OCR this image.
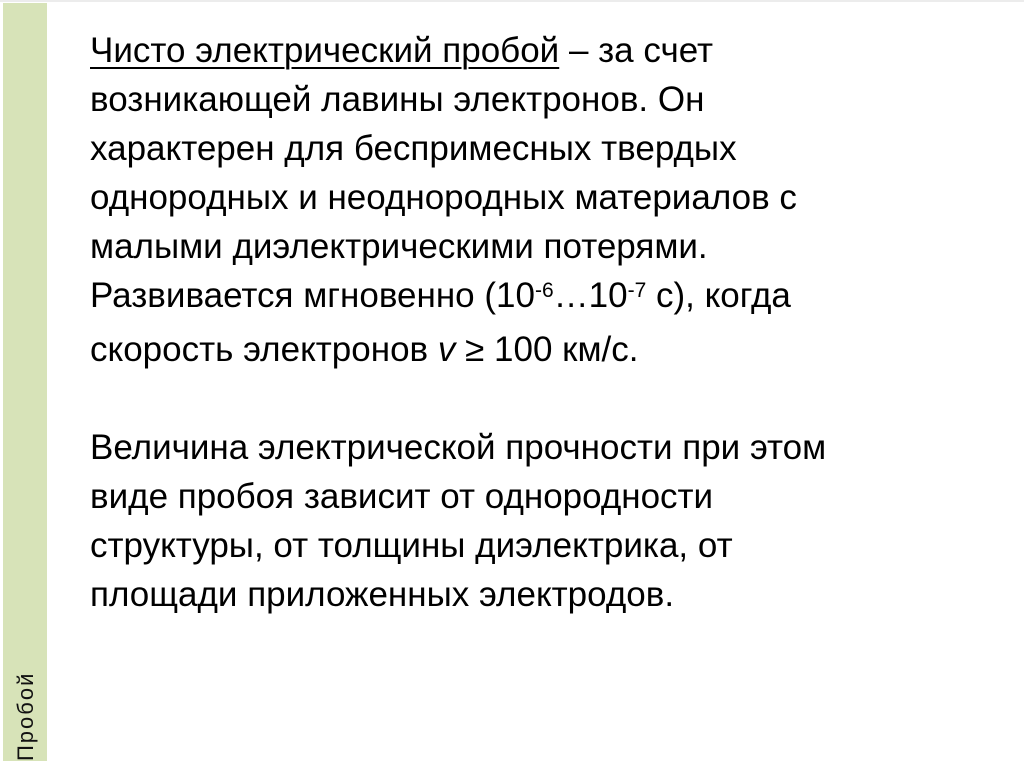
Пробой
Чисто электрический пробой – за счет
возникающей лавины электронов. Он
характерен для беспримесных твердых
однородных и неоднородных материалов с
малыми диэлектрическими потерями.
Развивается мгновенно ($10^{-6}\dots 10^{-7}$ с), когда
скорость электронов v ≥ 100 км/с.
Величина электрической прочности при этом
виде пробоя зависит от однородности
структуры, от толщины диэлектрика, от
площади приложенных электродов.
